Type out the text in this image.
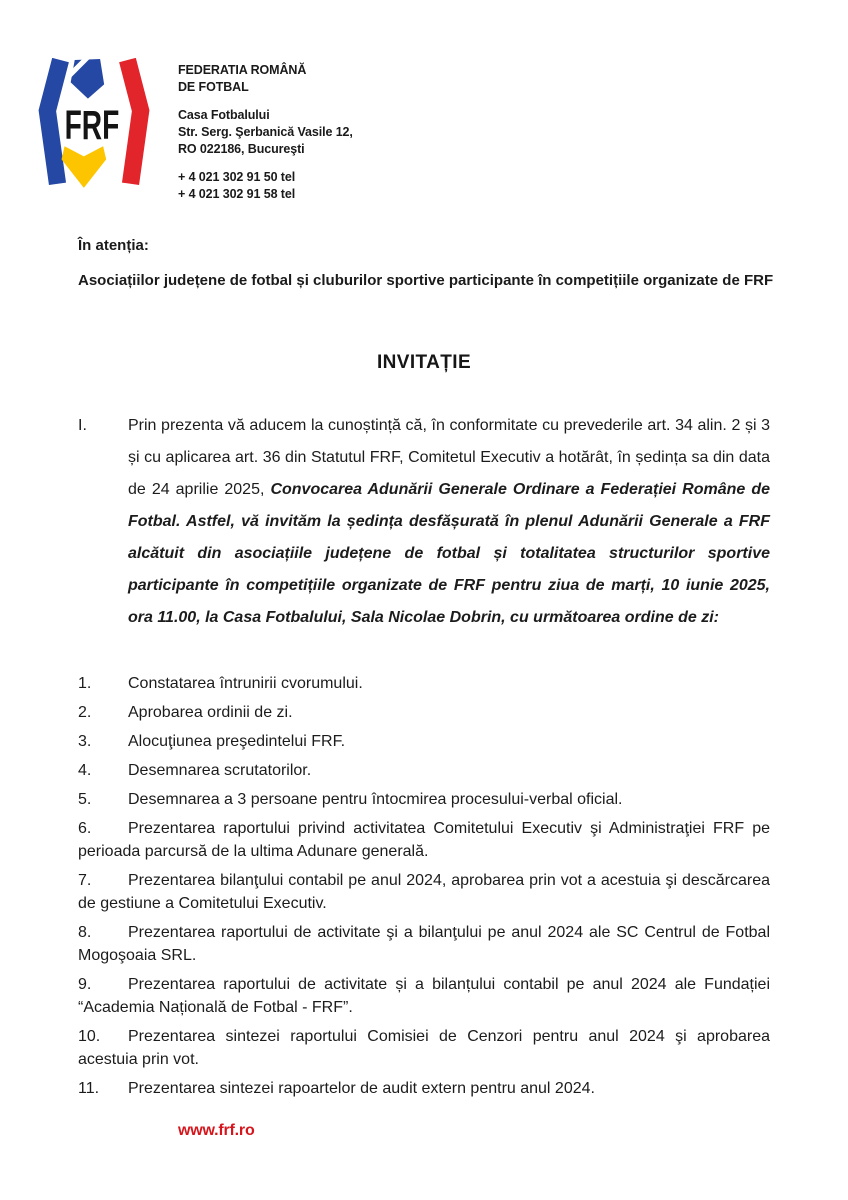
FRF
FEDERATIA ROMÂNĂ
DE FOTBAL
Casa Fotbalului
Str. Serg. Şerbanică Vasile 12,
RO 022186, Bucureşti
+ 4 021 302 91 50 tel
+ 4 021 302 91 58 tel

În atenția:

Asociațiilor județene de fotbal și cluburilor sportive participante în competițiile organizate de FRF

INVITAȚIE
I.	Prin prezenta vă aducem la cunoștință că, în conformitate cu prevederile art. 34 alin. 2 și 3 și cu aplicarea art. 36 din Statutul FRF, Comitetul Executiv a hotărât, în ședința sa din data de 24 aprilie 2025, Convocarea Adunării Generale Ordinare a Federației Române de Fotbal. Astfel, vă invităm la ședința desfășurată în plenul Adunării Generale a FRF alcătuit din asociațiile județene de fotbal și totalitatea structurilor sportive participante în competițiile organizate de FRF pentru ziua de marți, 10 iunie 2025, ora 11.00, la Casa Fotbalului, Sala Nicolae Dobrin, cu următoarea ordine de zi:
1. Constatarea întrunirii cvorumului.
2. Aprobarea ordinii de zi.
3. Alocuţiunea preşedintelui FRF.
4. Desemnarea scrutatorilor.
5. Desemnarea a 3 persoane pentru întocmirea procesului-verbal oficial.
6. Prezentarea raportului privind activitatea Comitetului Executiv şi Administraţiei FRF pe perioada parcursă de la ultima Adunare generală.
7. Prezentarea bilanţului contabil pe anul 2024, aprobarea prin vot a acestuia şi descărcarea de gestiune a Comitetului Executiv.
8. Prezentarea raportului de activitate şi a bilanţului pe anul 2024 ale SC Centrul de Fotbal Mogoşoaia SRL.
9. Prezentarea raportului de activitate și a bilanțului contabil pe anul 2024 ale Fundației “Academia Națională de Fotbal - FRF”.
10. Prezentarea sintezei raportului Comisiei de Cenzori pentru anul 2024 şi aprobarea acestuia prin vot.
11. Prezentarea sintezei rapoartelor de audit extern pentru anul 2024.
www.frf.ro
